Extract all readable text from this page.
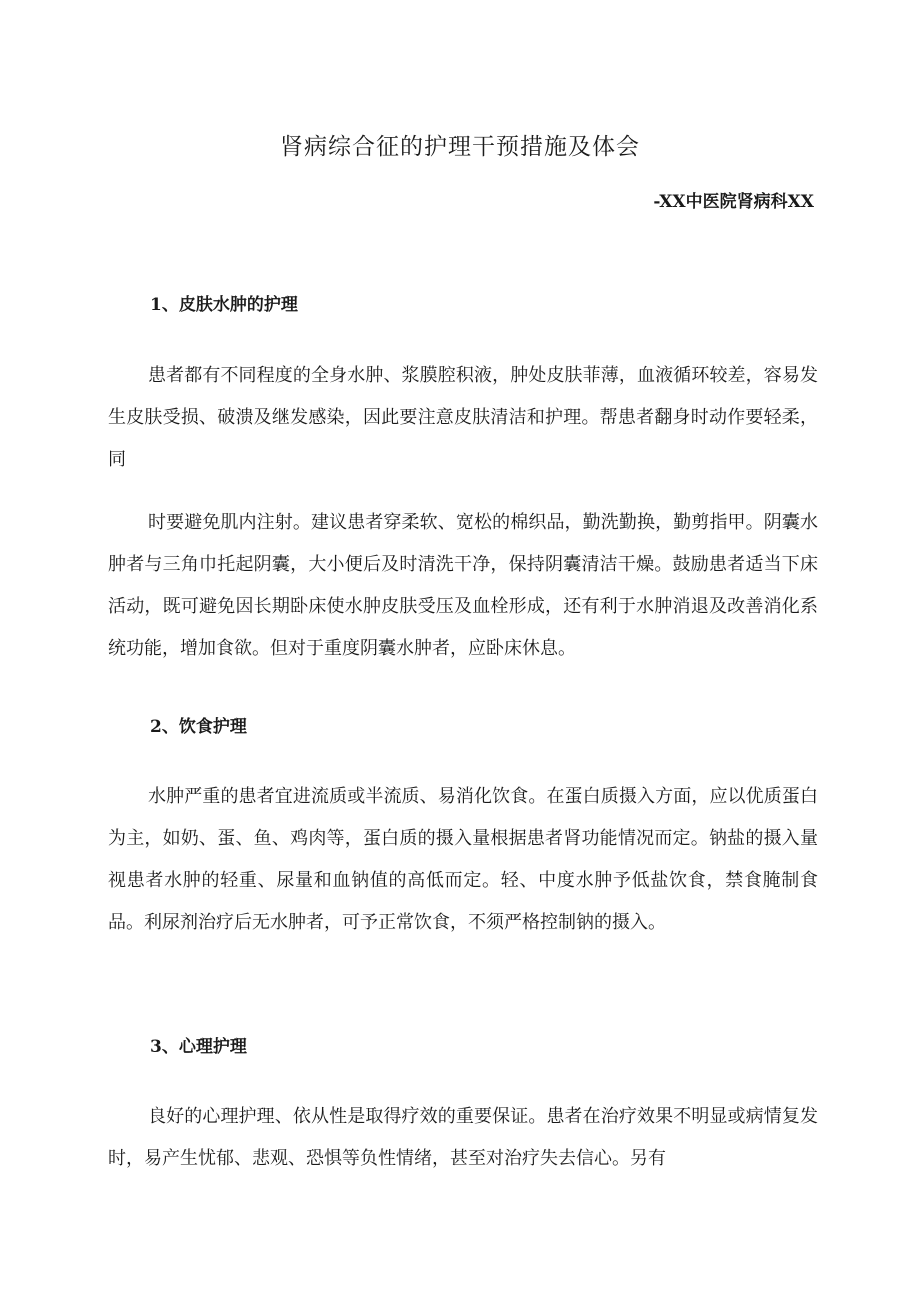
肾病综合征的护理干预措施及体会

-XX中医院肾病科XX

1、皮肤水肿的护理

患者都有不同程度的全身水肿、浆膜腔积液，肿处皮肤菲薄，血液循环较差，容易发生皮肤受损、破溃及继发感染，因此要注意皮肤清洁和护理。帮患者翻身时动作要轻柔，同

时要避免肌内注射。建议患者穿柔软、宽松的棉织品，勤洗勤换，勤剪指甲。阴囊水肿者与三角巾托起阴囊，大小便后及时清洗干净，保持阴囊清洁干燥。鼓励患者适当下床活动，既可避免因长期卧床使水肿皮肤受压及血栓形成，还有利于水肿消退及改善消化系统功能，增加食欲。但对于重度阴囊水肿者，应卧床休息。

2、饮食护理

水肿严重的患者宜进流质或半流质、易消化饮食。在蛋白质摄入方面，应以优质蛋白为主，如奶、蛋、鱼、鸡肉等，蛋白质的摄入量根据患者肾功能情况而定。钠盐的摄入量视患者水肿的轻重、尿量和血钠值的高低而定。轻、中度水肿予低盐饮食，禁食腌制食品。利尿剂治疗后无水肿者，可予正常饮食，不须严格控制钠的摄入。

3、心理护理

良好的心理护理、依从性是取得疗效的重要保证。患者在治疗效果不明显或病情复发时，易产生忧郁、悲观、恐惧等负性情绪，甚至对治疗失去信心。另有
